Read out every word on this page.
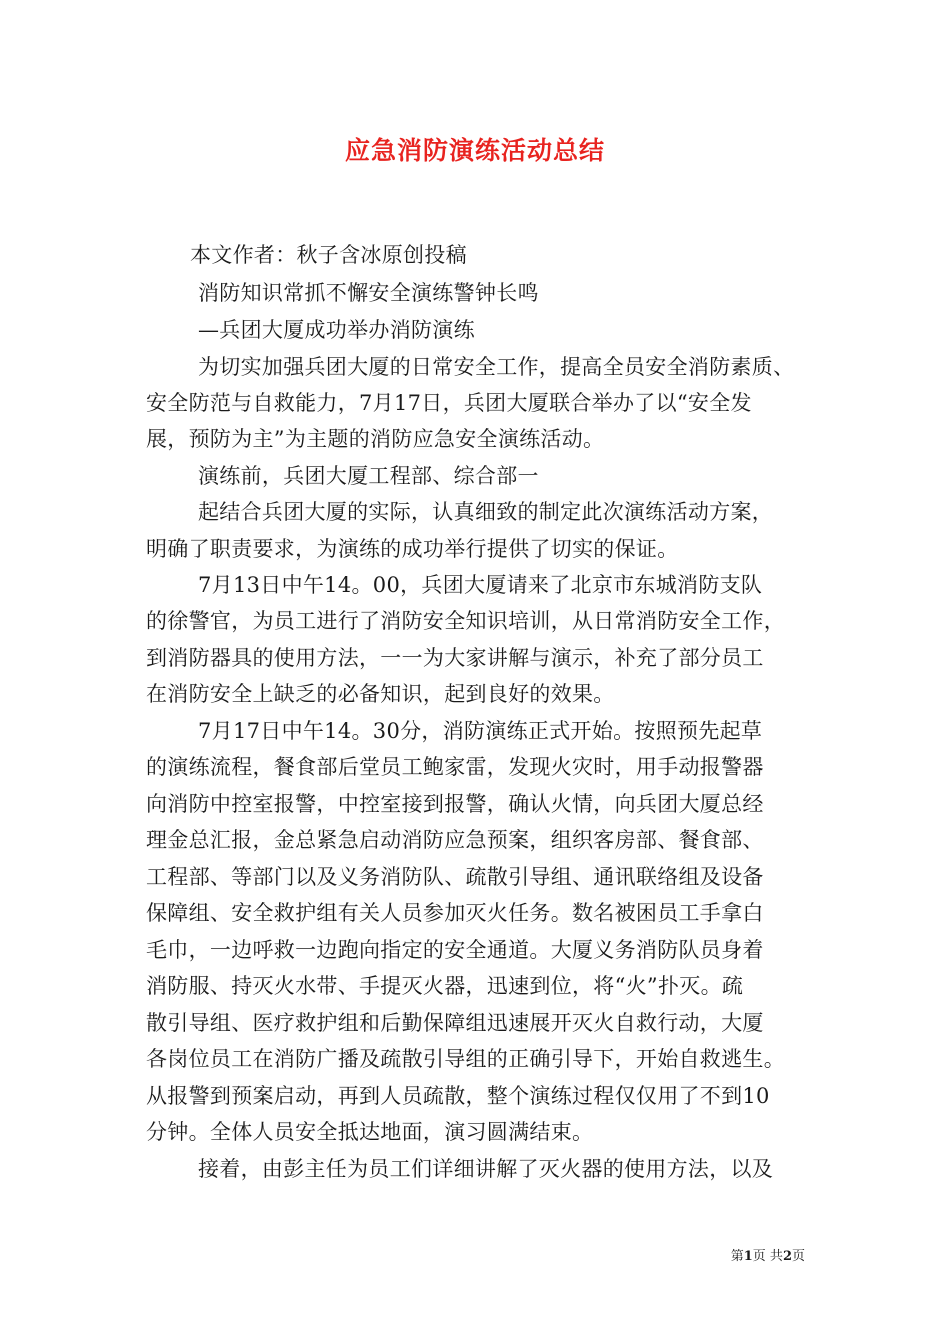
应急消防演练活动总结
本文作者：秋子含冰原创投稿
消防知识常抓不懈安全演练警钟长鸣
—兵团大厦成功举办消防演练
为切实加强兵团大厦的日常安全工作，提高全员安全消防素质、
安全防范与自救能力，7月17日，兵团大厦联合举办了以“安全发
展，预防为主”为主题的消防应急安全演练活动。
演练前，兵团大厦工程部、综合部一
起结合兵团大厦的实际，认真细致的制定此次演练活动方案，
明确了职责要求，为演练的成功举行提供了切实的保证。
7月13日中午14。00，兵团大厦请来了北京市东城消防支队
的徐警官，为员工进行了消防安全知识培训，从日常消防安全工作，
到消防器具的使用方法，一一为大家讲解与演示，补充了部分员工
在消防安全上缺乏的必备知识，起到良好的效果。
7月17日中午14。30分，消防演练正式开始。按照预先起草
的演练流程，餐食部后堂员工鲍家雷，发现火灾时，用手动报警器
向消防中控室报警，中控室接到报警，确认火情，向兵团大厦总经
理金总汇报，金总紧急启动消防应急预案，组织客房部、餐食部、
工程部、等部门以及义务消防队、疏散引导组、通讯联络组及设备
保障组、安全救护组有关人员参加灭火任务。数名被困员工手拿白
毛巾，一边呼救一边跑向指定的安全通道。大厦义务消防队员身着
消防服、持灭火水带、手提灭火器，迅速到位，将“火”扑灭。疏
散引导组、医疗救护组和后勤保障组迅速展开灭火自救行动，大厦
各岗位员工在消防广播及疏散引导组的正确引导下，开始自救逃生。
从报警到预案启动，再到人员疏散，整个演练过程仅仅用了不到10
分钟。全体人员安全抵达地面，演习圆满结束。
接着，由彭主任为员工们详细讲解了灭火器的使用方法，以及
第1页 共2页
